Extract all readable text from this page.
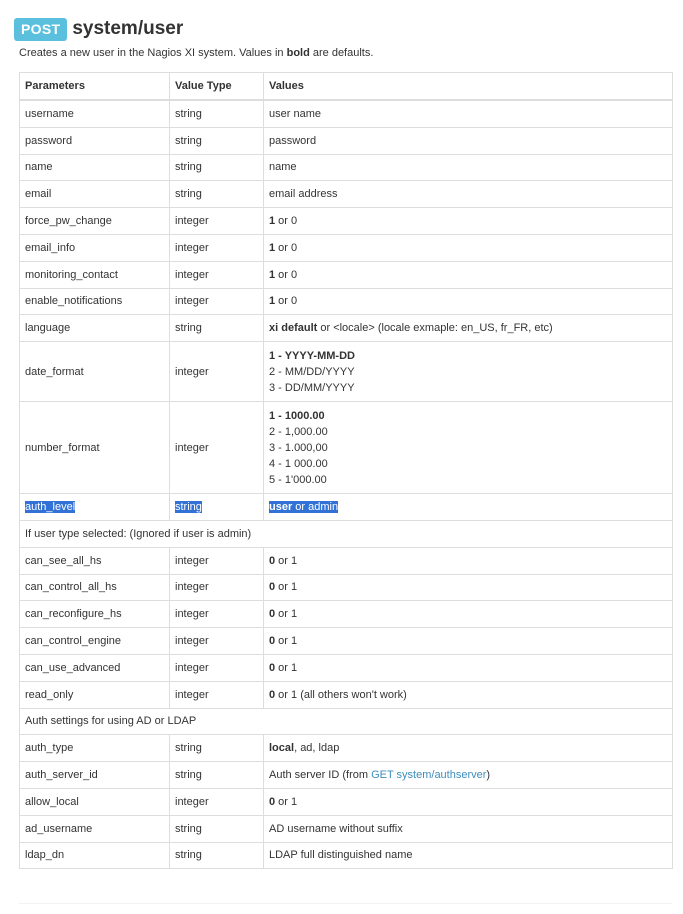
POST system/user
Creates a new user in the Nagios XI system. Values in bold are defaults.
Parameters	Value Type	Values
username	string	user name
password	string	password
name	string	name
email	string	email address
force_pw_change	integer	1 or 0
email_info	integer	1 or 0
monitoring_contact	integer	1 or 0
enable_notifications	integer	1 or 0
language	string	xi default or <locale> (locale exmaple: en_US, fr_FR, etc)
date_format	integer	1 - YYYY-MM-DD
2 - MM/DD/YYYY
3 - DD/MM/YYYY

number_format	integer	1 - 1000.00
2 - 1,000.00
3 - 1.000,00
4 - 1 000.00
5 - 1'000.00

auth_level	string	user or admin
If user type selected: (Ignored if user is admin)		
can_see_all_hs	integer	0 or 1
can_control_all_hs	integer	0 or 1
can_reconfigure_hs	integer	0 or 1
can_control_engine	integer	0 or 1
can_use_advanced	integer	0 or 1
read_only	integer	0 or 1 (all others won't work)
Auth settings for using AD or LDAP		
auth_type	string	local, ad, ldap
auth_server_id	string	Auth server ID (from GET system/authserver)
allow_local	integer	0 or 1
ad_username	string	AD username without suffix
ldap_dn	string	LDAP full distinguished name
